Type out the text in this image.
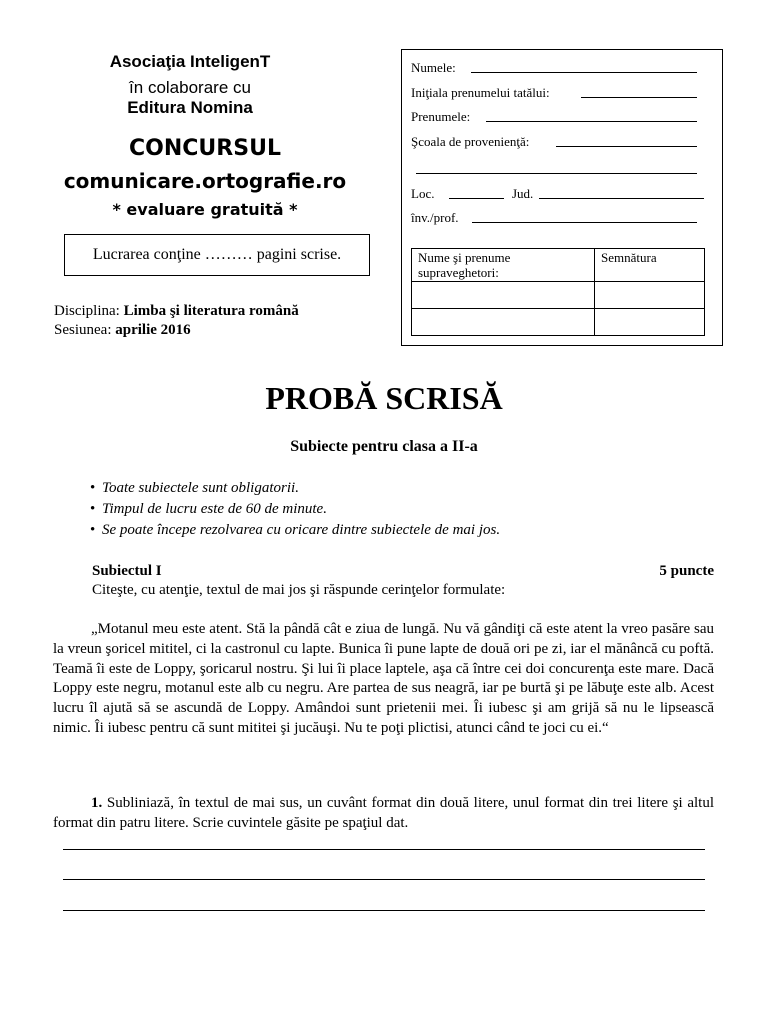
Asociaţia InteligenT
în colaborare cu
Editura Nomina
CONCURSUL
comunicare.ortografie.ro
* evaluare gratuită *
Lucrarea conţine ……… pagini scrise.
Disciplina: Limba şi literatura română
Sesiunea: aprilie 2016
Numele:
Iniţiala prenumelui tatălui:
Prenumele:
Şcoala de provenienţă:
Loc.	Jud.
înv./prof.
Nume şi prenume supraveghetori:	Semnătura

PROBĂ SCRISĂ
Subiecte pentru clasa a II-a
• Toate subiectele sunt obligatorii.
• Timpul de lucru este de 60 de minute.
• Se poate începe rezolvarea cu oricare dintre subiectele de mai jos.
Subiectul I	5 puncte
Citeşte, cu atenţie, textul de mai jos şi răspunde cerinţelor formulate:

„Motanul meu este atent. Stă la pândă cât e ziua de lungă. Nu vă gândiţi că este atent la vreo pasăre sau la vreun şoricel mititel, ci la castronul cu lapte. Bunica îi pune lapte de două ori pe zi, iar el mănâncă cu poftă. Teamă îi este de Loppy, şoricarul nostru. Şi lui îi place laptele, aşa că între cei doi concurenţa este mare. Dacă Loppy este negru, motanul este alb cu negru. Are partea de sus neagră, iar pe burtă şi pe lăbuţe este alb. Acest lucru îl ajută să se ascundă de Loppy. Amândoi sunt prietenii mei. Îi iubesc şi am grijă să nu le lipsească nimic. Îi iubesc pentru că sunt mititei şi jucăuşi. Nu te poţi plictisi, atunci când te joci cu ei.“

1. Subliniază, în textul de mai sus, un cuvânt format din două litere, unul format din trei litere şi altul format din patru litere. Scrie cuvintele găsite pe spaţiul dat.
